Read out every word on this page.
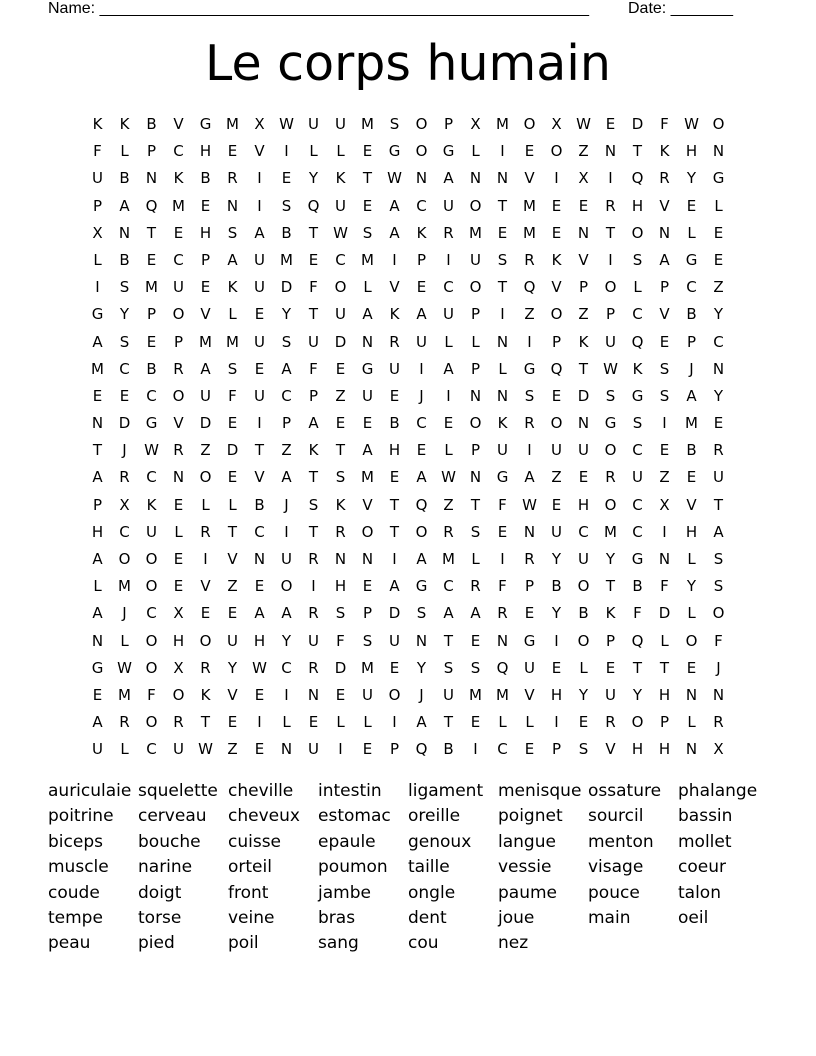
Name: _______________________________________________________ Date: _______
Le corps humain
K	K	B	V	G M	X W U	U	M	S	O	P	X	M O	X W E	D	F	W O
F	L	P	C	H	E	V	I	L	L	E	G	O	G	L	I	E	O	Z	N	T	K	H	N
U	B	N	K	B	R	I	E	Y	K	T	W N	A	N	N	V	I	X	I	Q	R	Y	G
P	A	Q M	E	N	I	S	Q	U	E	A	C	U	O	T	M	E	E	R	H	V	E	L
X	N	T	E	H	S	A	B	T	W S	A	K	R	M	E	M	E	N	T	O	N	L	E
L	B	E	C	P	A	U	M	E	C	M	I	P	I	U	S	R	K	V	I	S	A	G	E
I	S	M	U	E	K	U	D	F	O	L	V	E	C	O	T	Q	V	P	O	L	P	C	Z
G	Y	P	O	V	L	E	Y	T	U	A	K	A	U	P	I	Z	O	Z	P	C	V	B	Y
A	S	E	P	M M	U	S	U	D	N	R	U	L	L	N	I	P	K	U	Q	E	P	C
M	C	B	R	A	S	E	A	F	E	G	U	I	A	P	L	G	Q	T	W K	S	J	N
E	E	C	O	U	F	U	C	P	Z	U	E	J	I	N	N	S	E	D	S	G	S	A	Y
N	D	G	V	D	E	I	P	A	E	E	B	C	E	O	K	R	O	N	G	S	I	M	E
T	J	W R	Z	D	T	Z	K	T	A	H	E	L	P	U	I	U	U	O	C	E	B	R
A	R	C	N	O	E	V	A	T	S	M	E	A W N	G	A	Z	E	R	U	Z	E	U
P	X	K	E	L	L	B	J	S	K	V	T	Q	Z	T	F	W E	H	O	C	X	V	T
H	C	U	L	R	T	C	I	T	R	O	T	O	R	S	E	N	U	C	M	C	I	H	A
A	O	O	E	I	V	N	U	R	N	N	I	A	M	L	I	R	Y	U	Y	G	N	L	S
L	M O	E	V	Z	E	O	I	H	E	A	G	C	R	F	P	B	O	T	B	F	Y	S
A	J	C	X	E	E	A	A	R	S	P	D	S	A	A	R	E	Y	B	K	F	D	L	O
N	L	O	H	O	U	H	Y	U	F	S	U	N	T	E	N	G	I	O	P	Q	L	O	F
G W O	X	R	Y	W C	R	D M	E	Y	S	S	Q	U	E	L	E	T	T	E	J
E	M	F	O	K	V	E	I	N	E	U	O	J	U	M M	V	H	Y	U	Y	H	N	N
A	R	O	R	T	E	I	L	E	L	L	I	A	T	E	L	L	I	E	R	O	P	L	R
U	L	C	U W Z	E	N	U	I	E	P	Q	B	I	C	E	P	S	V	H	H	N	X
auriculaie squelette cheville	intestin	ligament menisque ossature phalange
poitrine	cerveau	cheveux	estomac	oreille	poignet	sourcil	bassin
biceps	bouche	cuisse	epaule	genoux	langue	menton	mollet
muscle	narine	orteil	poumon	taille	vessie	visage	coeur
coude	doigt	front	jambe	ongle	paume	pouce	talon
tempe	torse	veine	bras	dent	joue	main	oeil
peau	pied	poil	sang	cou	nez
